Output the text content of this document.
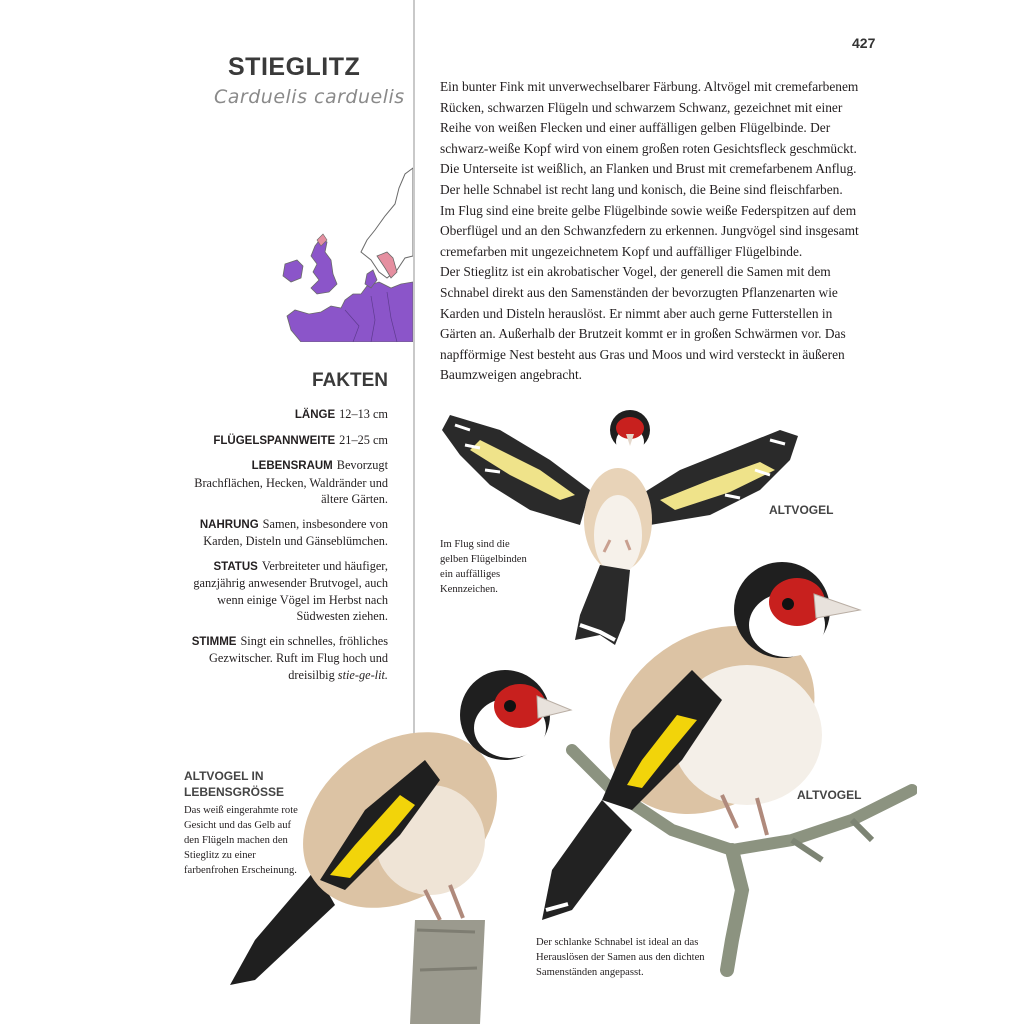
427
STIEGLITZ
Carduelis carduelis	Ein bunter Fink mit unverwechselbarer Färbung. Altvögel mit cremefarbenem Rücken, schwarzen Flügeln und schwarzem Schwanz, gezeichnet mit einer Reihe von weißen Flecken und einer auffälligen gelben Flügelbinde. Der schwarz-weiße Kopf wird von einem großen roten Gesichtsfleck geschmückt. Die Unterseite ist weißlich, an Flanken und Brust mit cremefarbenem Anflug. Der helle Schnabel ist recht lang und konisch, die Beine sind fleischfarben. Im Flug sind eine breite gelbe Flügelbinde sowie weiße Federspitzen auf dem Oberflügel und an den Schwanzfedern zu erkennen. Jungvögel sind insgesamt cremefarben mit ungezeichnetem Kopf und auffälliger Flügelbinde.

Der Stieglitz ist ein akrobatischer Vogel, der generell die Samen mit dem Schnabel direkt aus den Samenständen der bevorzugten Pflanzenarten wie Karden und Disteln herauslöst. Er nimmt aber auch gerne Futterstellen in Gärten an. Außerhalb der Brutzeit kommt er in großen Schwärmen vor. Das napfförmige Nest besteht aus Gras und Moos und wird versteckt in äußeren Baumzweigen angebracht.

FAKTEN

LÄNGE 12–13 cm

FLÜGELSPANNWEITE 21–25 cm

LEBENSRAUM Bevorzugt Brachflächen, Hecken, Waldränder und ältere Gärten.

NAHRUNG Samen, insbesondere von Karden, Disteln und Gänseblümchen.

STATUS Verbreiteter und häufiger, ganzjährig anwesender Brutvogel, auch wenn einige Vögel im Herbst nach Südwesten ziehen.

STIMME Singt ein schnelles, fröhliches Gezwitscher. Ruft im Flug hoch und dreisilbig stie-ge-lit.

ALTVOGEL
Im Flug sind die gelben Flügelbinden ein auffälliges Kennzeichen.
ALTVOGEL
Der schlanke Schnabel ist ideal an das Herauslösen der Samen aus den dichten Samenständen angepasst.
ALTVOGEL IN
LEBENSGRÖSSE
Das weiß eingerahmte rote Gesicht und das Gelb auf den Flügeln machen den Stieglitz zu einer farbenfrohen Erscheinung.
